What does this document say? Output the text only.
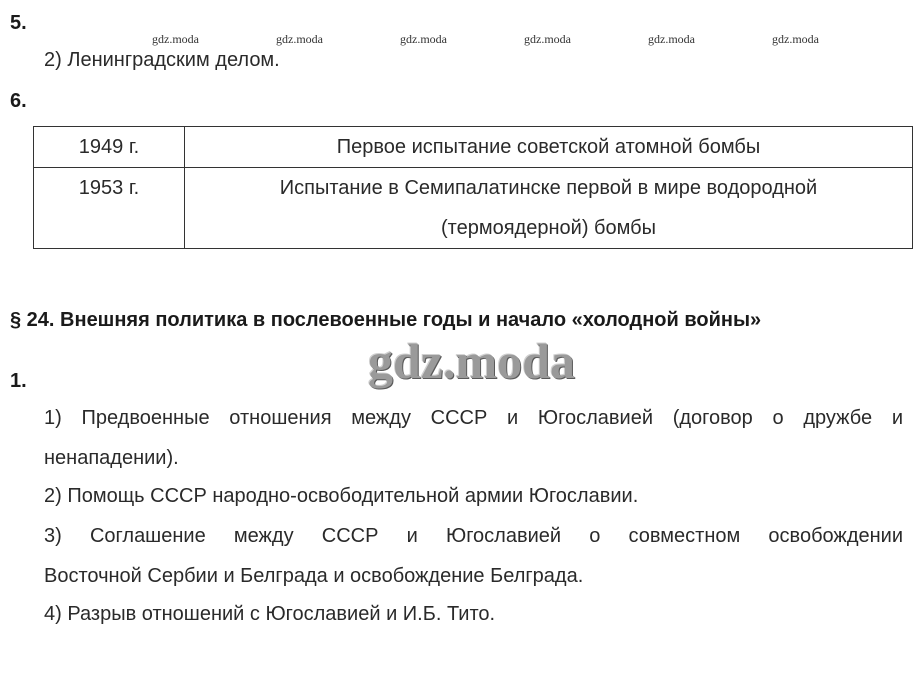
5.
gdz.moda	gdz.moda	gdz.moda	gdz.moda	gdz.moda	gdz.moda
2) Ленинградским делом.
6.
1949 г.	Первое испытание советской атомной бомбы
1953 г.	Испытание в Семипалатинске первой в мире водородной (термоядерной) бомбы
§ 24. Внешняя политика в послевоенные годы и начало «холодной войны»
gdz.moda
1.
1) Предвоенные отношения между СССР и Югославией (договор о дружбе и
ненападении).
2) Помощь СССР народно-освободительной армии Югославии.
3) Соглашение между СССР и Югославией о совместном освобождении
Восточной Сербии и Белграда и освобождение Белграда.
4) Разрыв отношений с Югославией и И.Б. Тито.
